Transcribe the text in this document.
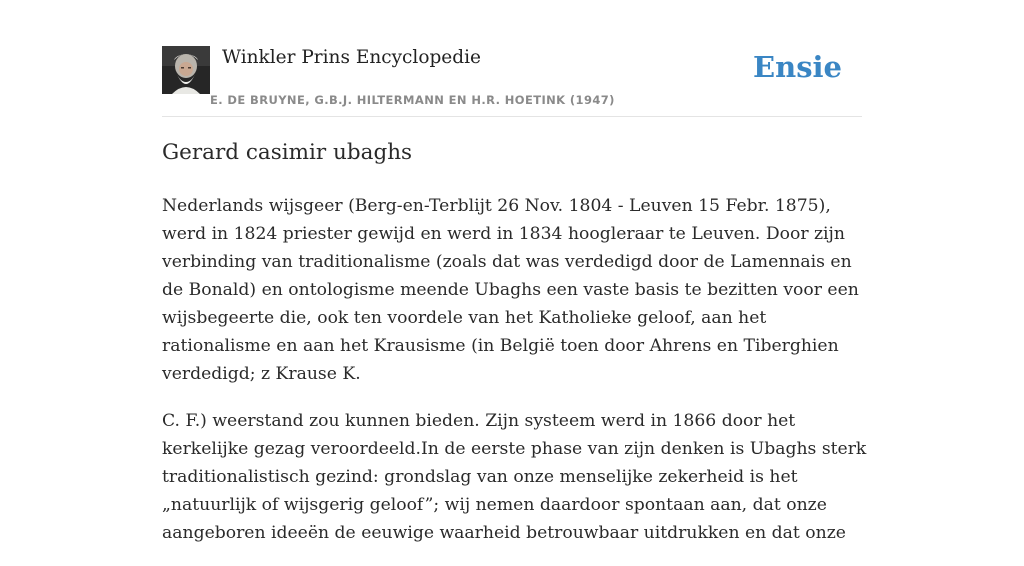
Winkler Prins Encyclopedie
E. DE BRUYNE, G.B.J. HILTERMANN EN H.R. HOETINK (1947)
Ensie
Gerard casimir ubaghs

Nederlands wijsgeer (Berg-en-Terblijt 26 Nov. 1804 - Leuven 15 Febr. 1875), werd in 1824 priester gewijd en werd in 1834 hoogleraar te Leuven. Door zijn verbinding van traditionalisme (zoals dat was verdedigd door de Lamennais en de Bonald) en ontologisme meende Ubaghs een vaste basis te bezitten voor een wijsbegeerte die, ook ten voordele van het Katholieke geloof, aan het rationalisme en aan het Krausisme (in België toen door Ahrens en Tiberghien verdedigd; z Krause K.

C. F.) weerstand zou kunnen bieden. Zijn systeem werd in 1866 door het kerkelijke gezag veroordeeld.In de eerste phase van zijn denken is Ubaghs sterk traditionalistisch gezind: grondslag van onze menselijke zekerheid is het „natuurlijk of wijsgerig geloof”; wij nemen daardoor spontaan aan, dat onze aangeboren ideeën de eeuwige waarheid betrouwbaar uitdrukken en dat onze
